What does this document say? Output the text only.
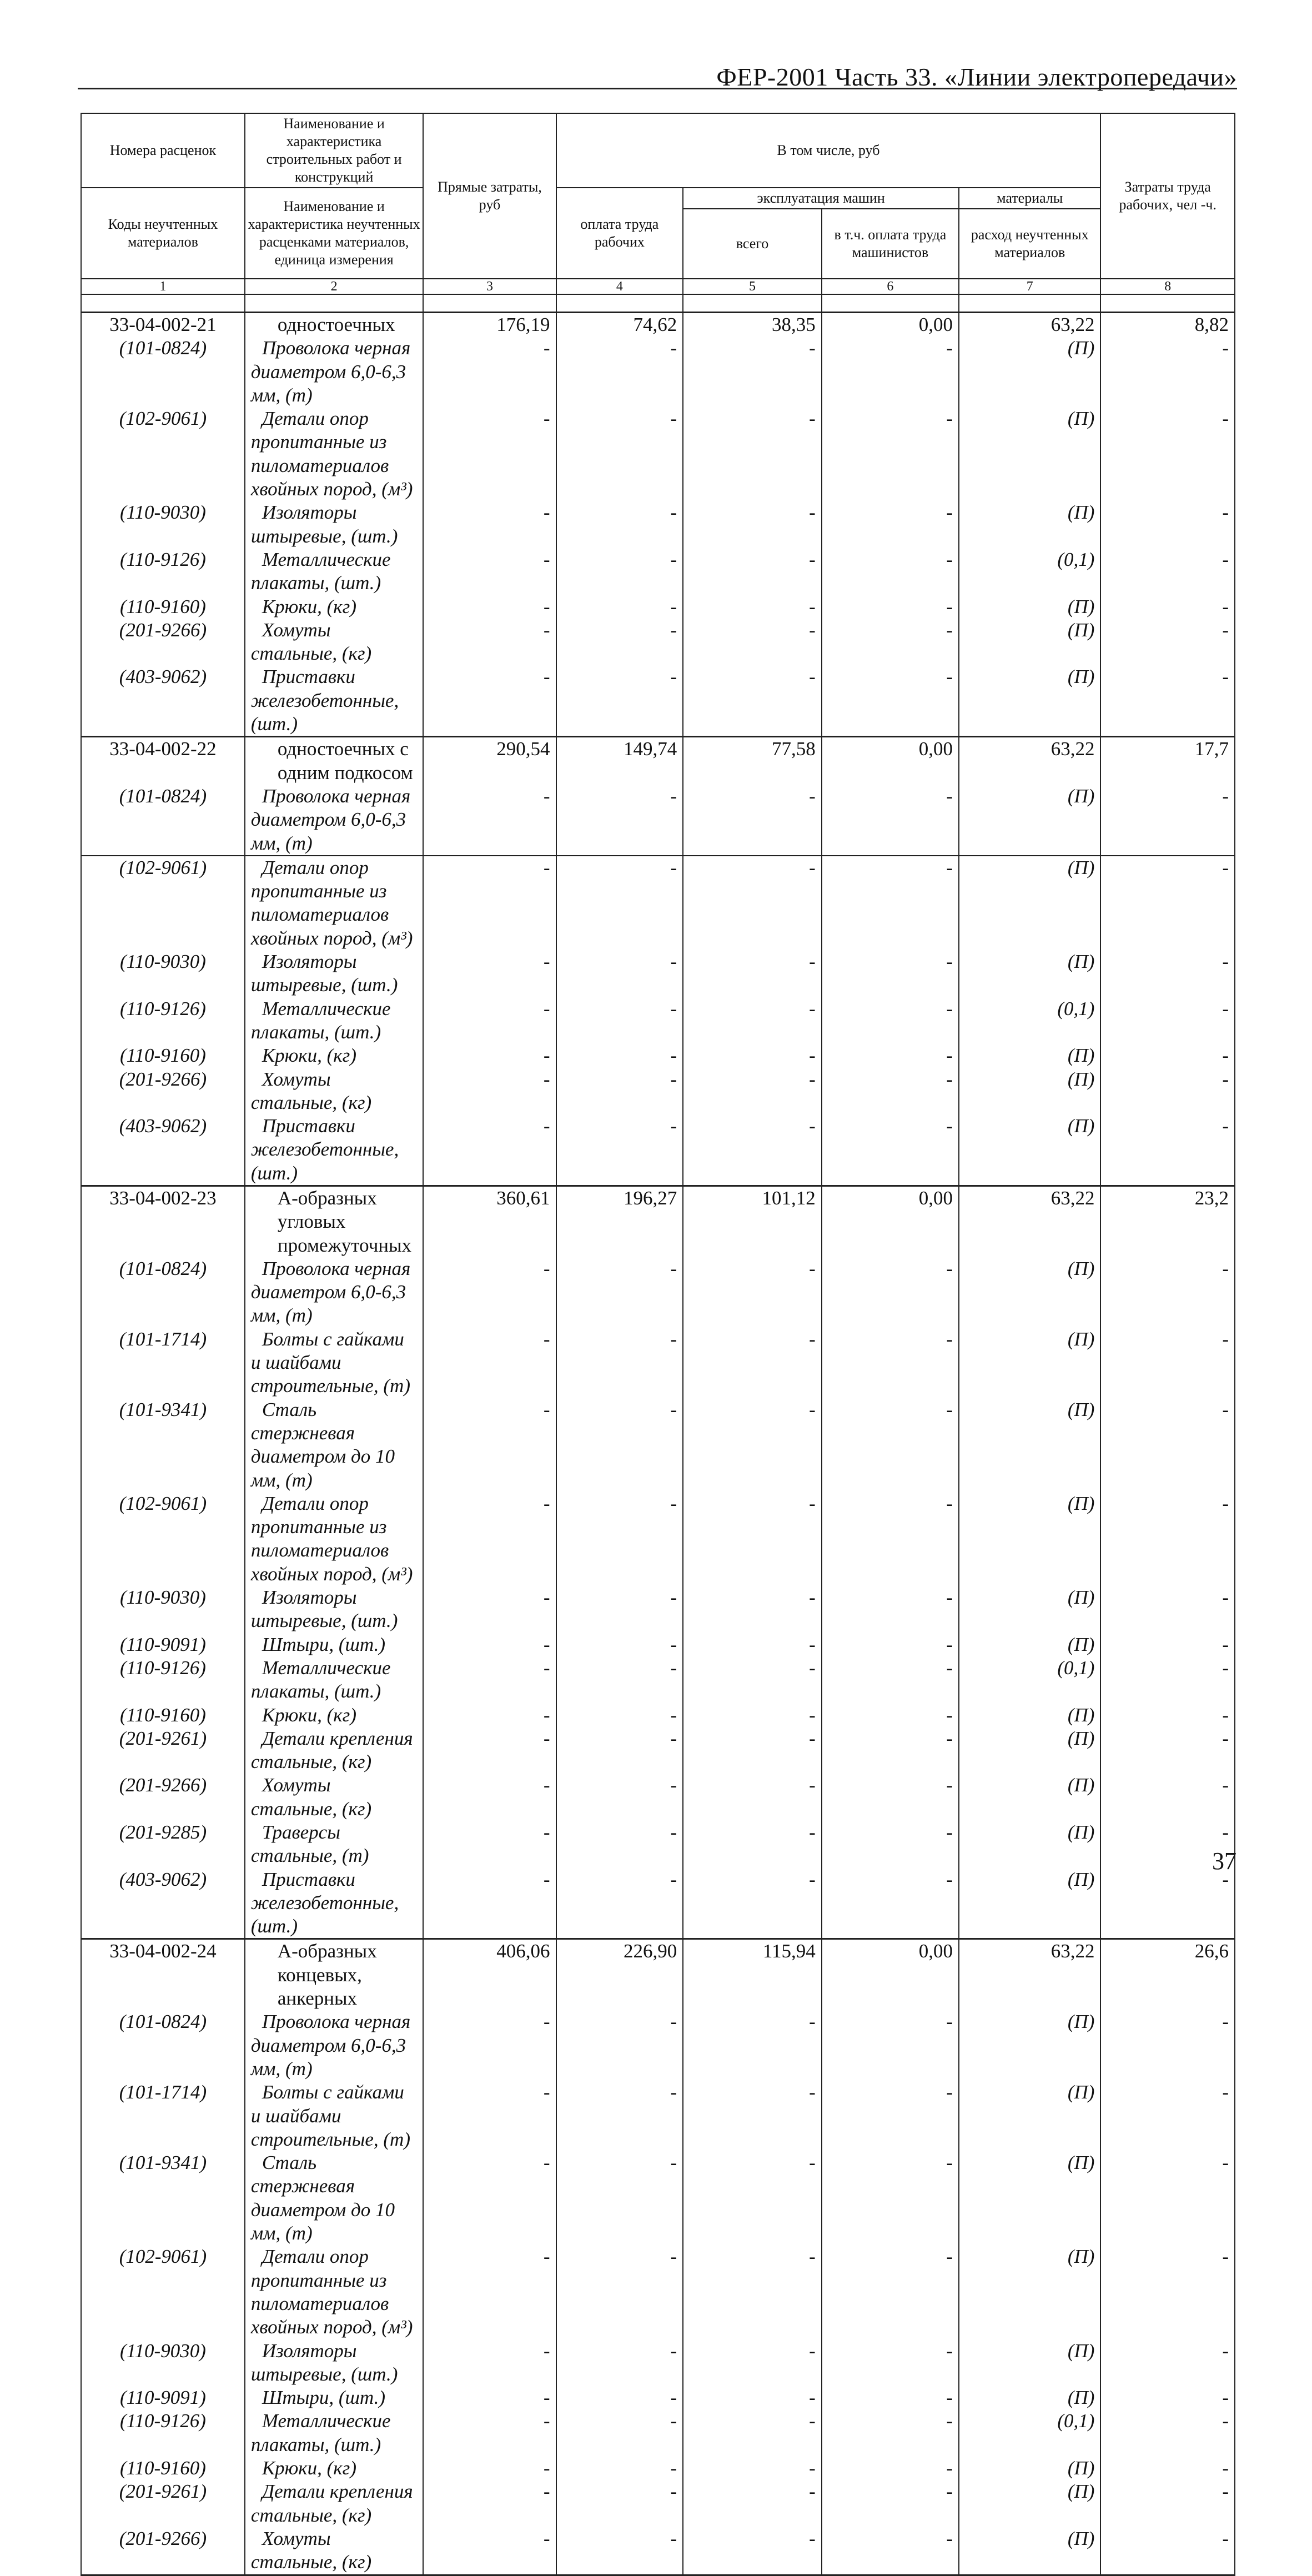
ФЕР-2001 Часть 33. «Линии электропередачи»
Номера расценок	Наименование и характеристика строительных работ и конструкций	Прямые затраты, руб	В том числе, руб				Затраты труда рабочих, чел -ч.
Коды неучтенных материалов	Наименование и характеристика неучтенных расценками материалов, единица измерения		оплата труда рабочих	эксплуатация машин		материалы	
				всего	в т.ч. оплата труда машинистов	расход неучтенных материалов	
1	2	3	4	5	6	7	8

33-04-002-21	одностоечных	176,19	74,62	38,35	0,00	63,22	8,82
(101-0824)	Проволока черная диаметром 6,0-6,3 мм, (т)	-	-	-	-	(П)	-
(102-9061)	Детали опор пропитанные из пиломатериалов хвойных пород, (м³)	-	-	-	-	(П)	-
(110-9030)	Изоляторы штыревые, (шт.)	-	-	-	-	(П)	-
(110-9126)	Металлические плакаты, (шт.)	-	-	-	-	(0,1)	-
(110-9160)	Крюки, (кг)	-	-	-	-	(П)	-
(201-9266)	Хомуты стальные, (кг)	-	-	-	-	(П)	-
(403-9062)	Приставки железобетонные, (шт.)	-	-	-	-	(П)	-
33-04-002-22	одностоечных с одним подкосом	290,54	149,74	77,58	0,00	63,22	17,7
(101-0824)	Проволока черная диаметром 6,0-6,3 мм, (т)	-	-	-	-	(П)	-
(102-9061)	Детали опор пропитанные из пиломатериалов хвойных пород, (м³)	-	-	-	-	(П)	-
(110-9030)	Изоляторы штыревые, (шт.)	-	-	-	-	(П)	-
(110-9126)	Металлические плакаты, (шт.)	-	-	-	-	(0,1)	-
(110-9160)	Крюки, (кг)	-	-	-	-	(П)	-
(201-9266)	Хомуты стальные, (кг)	-	-	-	-	(П)	-
(403-9062)	Приставки железобетонные, (шт.)	-	-	-	-	(П)	-
33-04-002-23	А-образных угловых промежуточных	360,61	196,27	101,12	0,00	63,22	23,2
(101-0824)	Проволока черная диаметром 6,0-6,3 мм, (т)	-	-	-	-	(П)	-
(101-1714)	Болты с гайками и шайбами строительные, (т)	-	-	-	-	(П)	-
(101-9341)	Сталь стержневая диаметром до 10 мм, (т)	-	-	-	-	(П)	-
(102-9061)	Детали опор пропитанные из пиломатериалов хвойных пород, (м³)	-	-	-	-	(П)	-
(110-9030)	Изоляторы штыревые, (шт.)	-	-	-	-	(П)	-
(110-9091)	Штыри, (шт.)	-	-	-	-	(П)	-
(110-9126)	Металлические плакаты, (шт.)	-	-	-	-	(0,1)	-
(110-9160)	Крюки, (кг)	-	-	-	-	(П)	-
(201-9261)	Детали крепления стальные, (кг)	-	-	-	-	(П)	-
(201-9266)	Хомуты стальные, (кг)	-	-	-	-	(П)	-
(201-9285)	Траверсы стальные, (т)	-	-	-	-	(П)	-
(403-9062)	Приставки железобетонные, (шт.)	-	-	-	-	(П)	-
33-04-002-24	А-образных концевых, анкерных	406,06	226,90	115,94	0,00	63,22	26,6
(101-0824)	Проволока черная диаметром 6,0-6,3 мм, (т)	-	-	-	-	(П)	-
(101-1714)	Болты с гайками и шайбами строительные, (т)	-	-	-	-	(П)	-
(101-9341)	Сталь стержневая диаметром до 10 мм, (т)	-	-	-	-	(П)	-
(102-9061)	Детали опор пропитанные из пиломатериалов хвойных пород, (м³)	-	-	-	-	(П)	-
(110-9030)	Изоляторы штыревые, (шт.)	-	-	-	-	(П)	-
(110-9091)	Штыри, (шт.)	-	-	-	-	(П)	-
(110-9126)	Металлические плакаты, (шт.)	-	-	-	-	(0,1)	-
(110-9160)	Крюки, (кг)	-	-	-	-	(П)	-
(201-9261)	Детали крепления стальные, (кг)	-	-	-	-	(П)	-
(201-9266)	Хомуты стальные, (кг)	-	-	-	-	(П)	-
37
